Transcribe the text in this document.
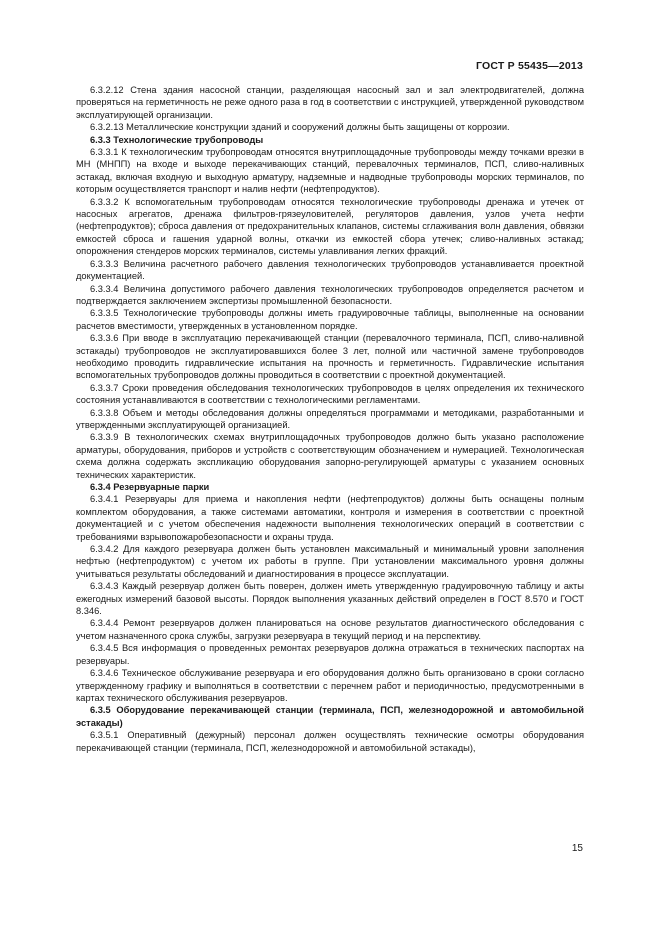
ГОСТ Р 55435—2013

6.3.2.12 Стена здания насосной станции, разделяющая насосный зал и зал электродвигателей, должна проверяться на герметичность не реже одного раза в год в соответствии с инструкцией, утвержденной руководством эксплуатирующей организации.

6.3.2.13 Металлические конструкции зданий и сооружений должны быть защищены от коррозии.

6.3.3 Технологические трубопроводы

6.3.3.1 К технологическим трубопроводам относятся внутриплощадочные трубопроводы между точками врезки в МН (МНПП) на входе и выходе перекачивающих станций, перевалочных терминалов, ПСП, сливо-наливных эстакад, включая входную и выходную арматуру, надземные и надводные трубопроводы морских терминалов, по которым осуществляется транспорт и налив нефти (нефтепродуктов).

6.3.3.2 К вспомогательным трубопроводам относятся технологические трубопроводы дренажа и утечек от насосных агрегатов, дренажа фильтров-грязеуловителей, регуляторов давления, узлов учета нефти (нефтепродуктов); сброса давления от предохранительных клапанов, системы сглаживания волн давления, обвязки емкостей сброса и гашения ударной волны, откачки из емкостей сбора утечек; сливо-наливных эстакад; опорожнения стендеров морских терминалов, системы улавливания легких фракций.

6.3.3.3 Величина расчетного рабочего давления технологических трубопроводов устанавливается проектной документацией.

6.3.3.4 Величина допустимого рабочего давления технологических трубопроводов определяется расчетом и подтверждается заключением экспертизы промышленной безопасности.

6.3.3.5 Технологические трубопроводы должны иметь градуировочные таблицы, выполненные на основании расчетов вместимости, утвержденных в установленном порядке.

6.3.3.6 При вводе в эксплуатацию перекачивающей станции (перевалочного терминала, ПСП, сливо-наливной эстакады) трубопроводов не эксплуатировавшихся более 3 лет, полной или частичной замене трубопроводов необходимо проводить гидравлические испытания на прочность и герметичность. Гидравлические испытания вспомогательных трубопроводов должны проводиться в соответствии с проектной документацией.

6.3.3.7 Сроки проведения обследования технологических трубопроводов в целях определения их технического состояния устанавливаются в соответствии с технологическими регламентами.

6.3.3.8 Объем и методы обследования должны определяться программами и методиками, разработанными и утвержденными эксплуатирующей организацией.

6.3.3.9 В технологических схемах внутриплощадочных трубопроводов должно быть указано расположение арматуры, оборудования, приборов и устройств с соответствующим обозначением и нумерацией. Технологическая схема должна содержать экспликацию оборудования запорно-регулирующей арматуры с указанием основных технических характеристик.

6.3.4 Резервуарные парки

6.3.4.1 Резервуары для приема и накопления нефти (нефтепродуктов) должны быть оснащены полным комплектом оборудования, а также системами автоматики, контроля и измерения в соответствии с проектной документацией и с учетом обеспечения надежности выполнения технологических операций в соответствии с требованиями взрывопожаробезопасности и охраны труда.

6.3.4.2 Для каждого резервуара должен быть установлен максимальный и минимальный уровни заполнения нефтью (нефтепродуктом) с учетом их работы в группе. При установлении максимального уровня должны учитываться результаты обследований и диагностирования в процессе эксплуатации.

6.3.4.3 Каждый резервуар должен быть поверен, должен иметь утвержденную градуировочную таблицу и акты ежегодных измерений базовой высоты. Порядок выполнения указанных действий определен в ГОСТ 8.570 и ГОСТ 8.346.

6.3.4.4 Ремонт резервуаров должен планироваться на основе результатов диагностического обследования с учетом назначенного срока службы, загрузки резервуара в текущий период и на перспективу.

6.3.4.5 Вся информация о проведенных ремонтах резервуаров должна отражаться в технических паспортах на резервуары.

6.3.4.6 Техническое обслуживание резервуара и его оборудования должно быть организовано в сроки согласно утвержденному графику и выполняться в соответствии с перечнем работ и периодичностью, предусмотренными в картах технического обслуживания резервуаров.

6.3.5 Оборудование перекачивающей станции (терминала, ПСП, железнодорожной и автомобильной эстакады)

6.3.5.1 Оперативный (дежурный) персонал должен осуществлять технические осмотры оборудования перекачивающей станции (терминала, ПСП, железнодорожной и автомобильной эстакады),

15
